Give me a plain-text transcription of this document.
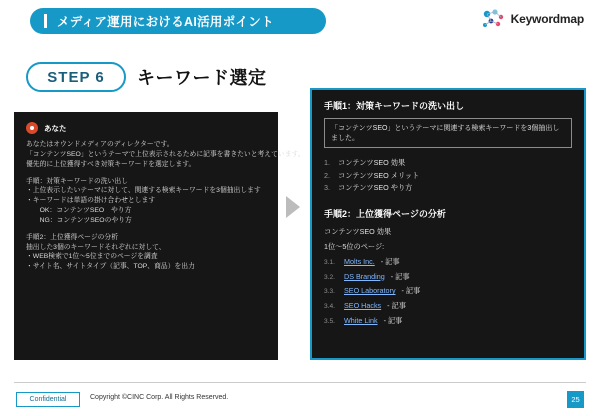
メディア運用におけるAI活用ポイント	Keywordmap
STEP 6 キーワード選定
あなた
あなたはオウンドメディアのディレクターです。
「コンテンツSEO」というテーマで上位表示されるために記事を書きたいと考えています。
優先的に上位獲得すべき対策キーワードを選定します。
手順：対策キーワードの洗い出し
・上位表示したいテーマに対して、関連する検索キーワードを3個抽出します
・キーワードは単語の掛け合わせとします
　　OK：コンテンツSEO　やり方
　　NG：コンテンツSEOのやり方
手順2：上位獲得ページの分析
抽出した3個のキーワードそれぞれに対して、
・WEB検索で1位〜5位までのページを調査
・サイト名、サイトタイプ（記事、TOP、商品）を出力
手順1：対策キーワードの洗い出し
「コンテンツSEO」というテーマに関連する検索キーワードを3個抽出しました。
1.	コンテンツSEO 効果
2.	コンテンツSEO メリット
3.	コンテンツSEO やり方
手順2：上位獲得ページの分析
コンテンツSEO 効果
1位〜5位のページ:
3.1.	Molts Inc. - 記事
3.2.	DS Branding - 記事
3.3.	SEO Laboratory - 記事
3.4.	SEO Hacks - 記事
3.5.	White Link - 記事
Confidential	Copyright ©CINC Corp. All Rights Reserved.	25
